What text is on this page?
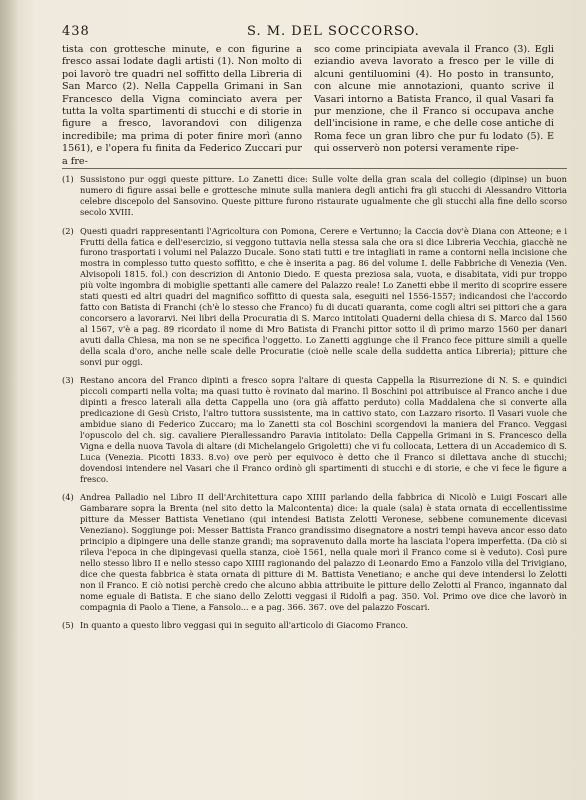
438	S. M. DEL SOCCORSO.
tista con grottesche minute, e con figurine a fresco assai lodate dagli artisti (1). Non molto di poi lavorò tre quadri nel soffitto della Libreria di San Marco (2). Nella Cappella Grimani in San Francesco della Vigna cominciato avera per tutta la volta spartimenti di stucchi e di storie in figure a fresco, lavorandovi con diligenza incredibile; ma prima di poter finire morì (anno 1561), e l'opera fu finita da Federico Zuccari pur a fre-
sco come principiata avevala il Franco (3). Egli eziandio aveva lavorato a fresco per le ville di alcuni gentiluomini (4). Ho posto in transunto, con alcune mie annotazioni, quanto scrive il Vasari intorno a Batista Franco, il qual Vasari fa pur menzione, che il Franco si occupava anche dell'incisione in rame, e che delle cose antiche di Roma fece un gran libro che pur fu lodato (5). E qui osserverò non potersi veramente ripe-

(1) Sussistono pur oggi queste pitture. Lo Zanetti dice: Sulle volte della gran scala del collegio (dipinse) un buon numero di figure assai belle e grottesche minute sulla maniera degli antichi fra gli stucchi di Alessandro Vittoria celebre discepolo del Sansovino. Queste pitture furono ristaurate ugualmente che gli stucchi alla fine dello scorso secolo XVIII.

(2) Questi quadri rappresentanti l'Agricoltura con Pomona, Cerere e Vertunno; la Caccia dov'è Diana con Atteone; e i Frutti della fatica e dell'esercizio, si veggono tuttavia nella stessa sala che ora si dice Libreria Vecchia, giacchè ne furono trasportati i volumi nel Palazzo Ducale. Sono stati tutti e tre intagliati in rame a contorni nella incisione che mostra in complesso tutto questo soffitto, e che è inserita a pag. 86 del volume I. delle Fabbriche di Venezia (Ven. Alvisopoli 1815. fol.) con descrizion di Antonio Diedo. E questa preziosa sala, vuota, e disabitata, vidi pur troppo più volte ingombra di mobiglie spettanti alle camere del Palazzo reale! Lo Zanetti ebbe il merito di scoprire essere stati questi ed altri quadri del magnifico soffitto di questa sala, eseguiti nel 1556-1557; indicandosi che l'accordo fatto con Batista di Franchi (ch'è lo stesso che Franco) fu di ducati quaranta, come cogli altri sei pittori che a gara concorsero a lavorarvi. Nei libri della Procuratia di S. Marco intitolati Quaderni della chiesa di S. Marco dal 1560 al 1567, v'è a pag. 89 ricordato il nome di Mro Batista di Franchi pittor sotto il dì primo marzo 1560 per danari avuti dalla Chiesa, ma non se ne specifica l'oggetto. Lo Zanetti aggiunge che il Franco fece pitture simili a quelle della scala d'oro, anche nelle scale delle Procuratie (cioè nelle scale della suddetta antica Libreria); pitture che sonvi pur oggi.

(3) Restano ancora del Franco dipinti a fresco sopra l'altare di questa Cappella la Risurrezione di N. S. e quindici piccoli comparti nella volta; ma quasi tutto è rovinato dal marino. Il Boschini poi attribuisce al Franco anche i due dipinti a fresco laterali alla detta Cappella uno (ora già affatto perduto) colla Maddalena che si converte alla predicazione di Gesù Cristo, l'altro tuttora sussistente, ma in cattivo stato, con Lazzaro risorto. Il Vasari vuole che ambidue siano di Federico Zuccaro; ma lo Zanetti sta col Boschini scorgendovi la maniera del Franco. Veggasi l'opuscolo del ch. sig. cavaliere Pierallessandro Paravia intitolato: Della Cappella Grimani in S. Francesco della Vigna e della nuova Tavola di altare (di Michelangelo Grigoletti) che vi fu collocata, Lettera di un Accademico di S. Luca (Venezia. Picotti 1833. 8.vo) ove però per equivoco è detto che il Franco si dilettava anche di stucchi; dovendosi intendere nel Vasari che il Franco ordinò gli spartimenti di stucchi e di storie, e che vi fece le figure a fresco.

(4) Andrea Palladio nel Libro II dell'Architettura capo XIIII parlando della fabbrica di Nicolò e Luigi Foscari alle Gambarare sopra la Brenta (nel sito detto la Malcontenta) dice: la quale (sala) è stata ornata di eccellentissime pitture da Messer Battista Venetiano (qui intendesi Batista Zelotti Veronese, sebbene comunemente dicevasi Veneziano). Soggiunge poi: Messer Battista Franco grandissimo disegnatore a nostri tempi haveva ancor esso dato principio a dipingere una delle stanze grandi; ma sopravenuto dalla morte ha lasciata l'opera imperfetta. (Da ciò si rileva l'epoca in che dipingevasi quella stanza, cioè 1561, nella quale morì il Franco come si è veduto). Così pure nello stesso libro II e nello stesso capo XIIII ragionando del palazzo di Leonardo Emo a Fanzolo villa del Trivigiano, dice che questa fabbrica è stata ornata di pitture di M. Battista Venetiano; e anche qui deve intendersi lo Zelotti non il Franco. E ciò notisi perchè credo che alcuno abbia attribuite le pitture dello Zelotti al Franco, ingannato dal nome eguale di Batista. E che siano dello Zelotti veggasi il Ridolfi a pag. 350. Vol. Primo ove dice che lavorò in compagnia di Paolo a Tiene, a Fansolo... e a pag. 366. 367. ove del palazzo Foscari.

(5) In quanto a questo libro veggasi qui in seguito all'articolo di Giacomo Franco.
